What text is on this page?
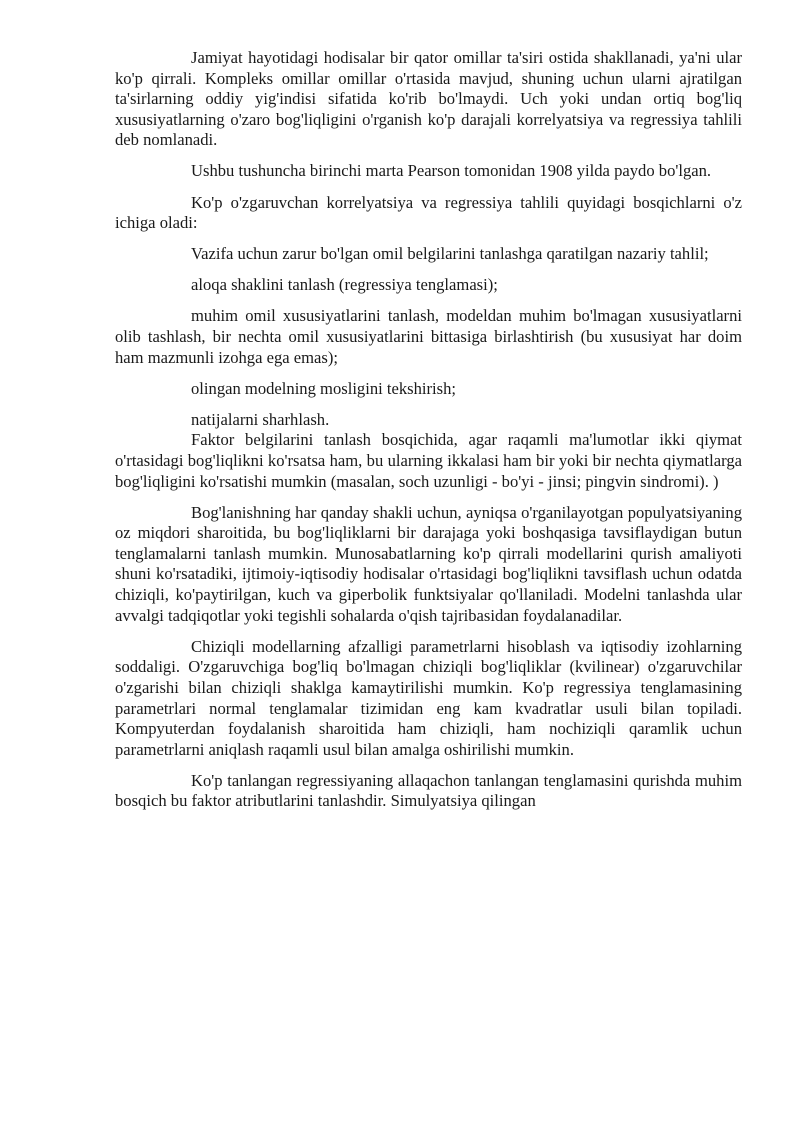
Jamiyat hayotidagi hodisalar bir qator omillar ta'siri ostida shakllanadi, ya'ni ular ko'p qirrali. Kompleks omillar omillar o'rtasida mavjud, shuning uchun ularni ajratilgan ta'sirlarning oddiy yig'indisi sifatida ko'rib bo'lmaydi. Uch yoki undan ortiq bog'liq xususiyatlarning o'zaro bog'liqligini o'rganish ko'p darajali korrelyatsiya va regressiya tahlili deb nomlanadi.

Ushbu tushuncha birinchi marta Pearson tomonidan 1908 yilda paydo bo'lgan.

Ko'p o'zgaruvchan korrelyatsiya va regressiya tahlili quyidagi bosqichlarni o'z ichiga oladi:

Vazifa uchun zarur bo'lgan omil belgilarini tanlashga qaratilgan nazariy tahlil;

aloqa shaklini tanlash (regressiya tenglamasi);

muhim omil xususiyatlarini tanlash, modeldan muhim bo'lmagan xususiyatlarni olib tashlash, bir nechta omil xususiyatlarini bittasiga birlashtirish (bu xususiyat har doim ham mazmunli izohga ega emas);

olingan modelning mosligini tekshirish;

natijalarni sharhlash.

Faktor belgilarini tanlash bosqichida, agar raqamli ma'lumotlar ikki qiymat o'rtasidagi bog'liqlikni ko'rsatsa ham, bu ularning ikkalasi ham bir yoki bir nechta qiymatlarga bog'liqligini ko'rsatishi mumkin (masalan, soch uzunligi - bo'yi - jinsi; pingvin sindromi). )

Bog'lanishning har qanday shakli uchun, ayniqsa o'rganilayotgan populyatsiyaning oz miqdori sharoitida, bu bog'liqliklarni bir darajaga yoki boshqasiga tavsiflaydigan butun tenglamalarni tanlash mumkin. Munosabatlarning ko'p qirrali modellarini qurish amaliyoti shuni ko'rsatadiki, ijtimoiy-iqtisodiy hodisalar o'rtasidagi bog'liqlikni tavsiflash uchun odatda chiziqli, ko'paytirilgan, kuch va giperbolik funktsiyalar qo'llaniladi. Modelni tanlashda ular avvalgi tadqiqotlar yoki tegishli sohalarda o'qish tajribasidan foydalanadilar.

Chiziqli modellarning afzalligi parametrlarni hisoblash va iqtisodiy izohlarning soddaligi. O'zgaruvchiga bog'liq bo'lmagan chiziqli bog'liqliklar (kvilinear) o'zgaruvchilar o'zgarishi bilan chiziqli shaklga kamaytirilishi mumkin. Ko'p regressiya tenglamasining parametrlari normal tenglamalar tizimidan eng kam kvadratlar usuli bilan topiladi. Kompyuterdan foydalanish sharoitida ham chiziqli, ham nochiziqli qaramlik uchun parametrlarni aniqlash raqamli usul bilan amalga oshirilishi mumkin.

Ko'p tanlangan regressiyaning allaqachon tanlangan tenglamasini qurishda muhim bosqich bu faktor atributlarini tanlashdir. Simulyatsiya qilingan
